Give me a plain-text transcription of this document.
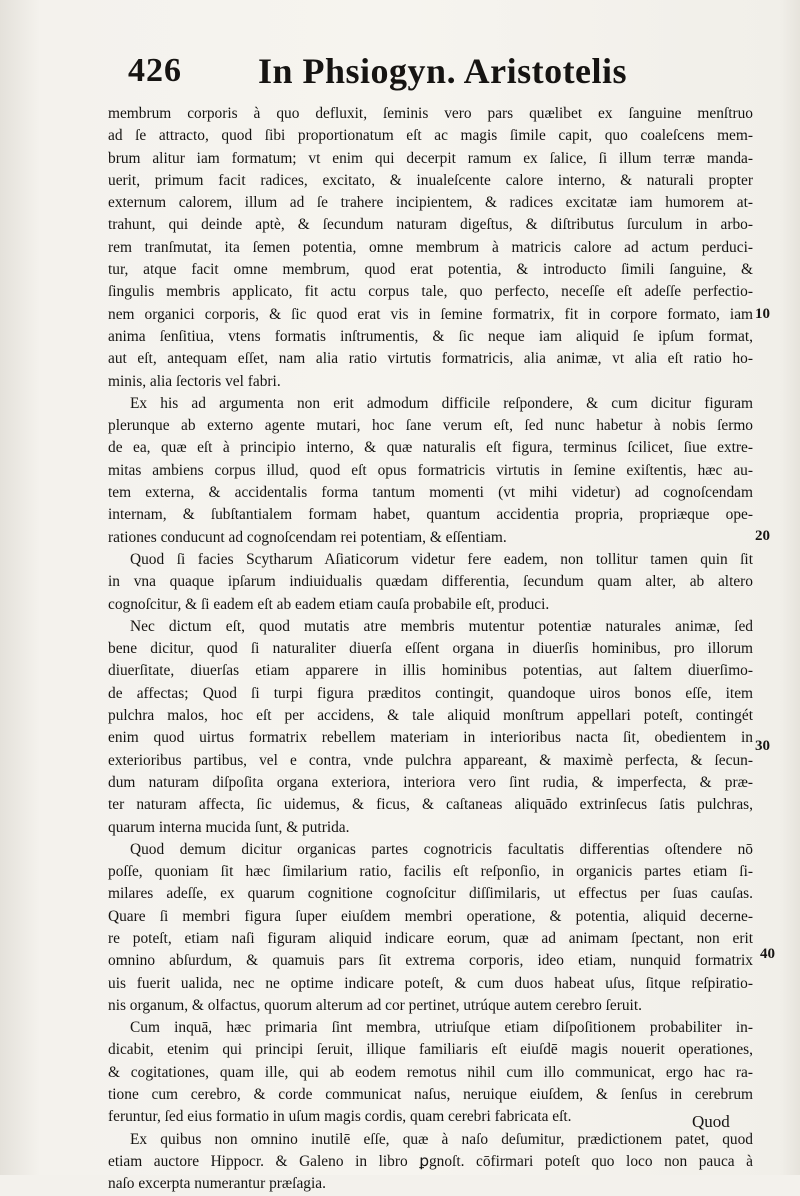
426 In Phsiogyn. Aristotelis
membrum corporis à quo defluxit, ſeminis vero pars quælibet ex ſanguine menſtruo
ad ſe attracto, quod ſibi proportionatum eſt ac magis ſimile capit, quo coaleſcens mem-
brum alitur iam formatum; vt enim qui decerpit ramum ex ſalice, ſi illum terræ manda-
uerit, primum facit radices, excitato, & inualeſcente calore interno, & naturali propter
externum calorem, illum ad ſe trahere incipientem, & radices excitatæ iam humorem at-
trahunt, qui deinde aptè, & ſecundum naturam digeſtus, & diſtributus ſurculum in arbo-
rem tranſmutat, ita ſemen potentia, omne membrum à matricis calore ad actum perduci-
tur, atque facit omne membrum, quod erat potentia, & introducto ſimili ſanguine, &
ſingulis membris applicato, fit actu corpus tale, quo perfecto, neceſſe eſt adeſſe perfectio-
nem organici corporis, & ſic quod erat vis in ſemine formatrix, fit in corpore formato, iam
anima ſenſitiua, vtens formatis inſtrumentis, & ſic neque iam aliquid ſe ipſum format,
aut eſt, antequam eſſet, nam alia ratio virtutis formatricis, alia animæ, vt alia eſt ratio ho-
minis, alia ſectoris vel fabri.
Ex his ad argumenta non erit admodum difficile reſpondere, & cum dicitur figuram
plerunque ab externo agente mutari, hoc ſane verum eſt, ſed nunc habetur à nobis ſermo
de ea, quæ eſt à principio interno, & quæ naturalis eſt figura, terminus ſcilicet, ſiue extre-
mitas ambiens corpus illud, quod eſt opus formatricis virtutis in ſemine exiſtentis, hæc au-
tem externa, & accidentalis forma tantum momenti (vt mihi videtur) ad cognoſcendam
internam, & ſubſtantialem formam habet, quantum accidentia propria, propriæque ope-
rationes conducunt ad cognoſcendam rei potentiam, & eſſentiam.
Quod ſi facies Scytharum Aſiaticorum videtur fere eadem, non tollitur tamen quin ſit
in vna quaque ipſarum indiuidualis quædam differentia, ſecundum quam alter, ab altero
cognoſcitur, & ſi eadem eſt ab eadem etiam cauſa probabile eſt, produci.
Nec dictum eſt, quod mutatis atre membris mutentur potentiæ naturales animæ, ſed
bene dicitur, quod ſi naturaliter diuerſa eſſent organa in diuerſis hominibus, pro illorum
diuerſitate, diuerſas etiam apparere in illis hominibus potentias, aut ſaltem diuerſimo-
de affectas; Quod ſi turpi figura præditos contingit, quandoque uiros bonos eſſe, item
pulchra malos, hoc eſt per accidens, & tale aliquid monſtrum appellari poteſt, contingét
enim quod uirtus formatrix rebellem materiam in interioribus nacta ſit, obedientem in
exterioribus partibus, vel e contra, vnde pulchra appareant, & maximè perfecta, & ſecun-
dum naturam diſpoſita organa exteriora, interiora vero ſint rudia, & imperfecta, & præ-
ter naturam affecta, ſic uidemus, & ficus, & caſtaneas aliquādo extrinſecus ſatis pulchras,
quarum interna mucida ſunt, & putrida.
Quod demum dicitur organicas partes cognotricis facultatis differentias oſtendere nō
poſſe, quoniam ſit hæc ſimilarium ratio, facilis eſt reſponſio, in organicis partes etiam ſi-
milares adeſſe, ex quarum cognitione cognoſcitur diſſimilaris, ut effectus per ſuas cauſas.
Quare ſi membri figura ſuper eiuſdem membri operatione, & potentia, aliquid decerne-
re poteſt, etiam naſi figuram aliquid indicare eorum, quæ ad animam ſpectant, non erit
omnino abſurdum, & quamuis pars ſit extrema corporis, ideo etiam, nunquid formatrix
uis fuerit ualida, nec ne optime indicare poteſt, & cum duos habeat uſus, ſitque reſpiratio-
nis organum, & olfactus, quorum alterum ad cor pertinet, utrúque autem cerebro ſeruit.
Cum inquā, hæc primaria ſint membra, utriuſque etiam diſpoſitionem probabiliter in-
dicabit, etenim qui principi ſeruit, illique familiaris eſt eiuſdē magis nouerit operationes,
& cogitationes, quam ille, qui ab eodem remotus nihil cum illo communicat, ergo hac ra-
tione cum cerebro, & corde communicat naſus, neruique eiuſdem, & ſenſus in cerebrum
feruntur, ſed eius formatio in uſum magis cordis, quam cerebri fabricata eſt.
Ex quibus non omnino inutilē eſſe, quæ à naſo deſumitur, prædictionem patet, quod
etiam auctore Hippocr. & Galeno in libro ꝑgnoſt. cōfirmari poteſt quo loco non pauca à
naſo excerpta numerantur præſagia.
10
20
30
40
Quod
